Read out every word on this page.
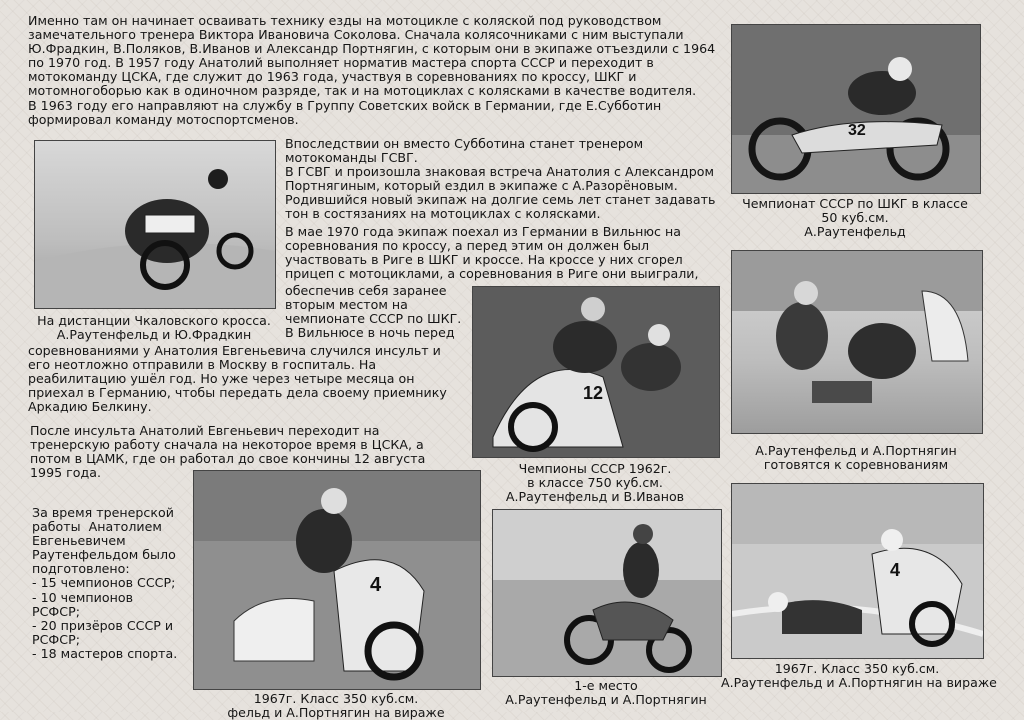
Именно там он начинает осваивать технику езды на мотоцикле с коляской под руководством
замечательного тренера Виктора Ивановича Соколова. Сначала колясочниками с ним выступали
Ю.Фрадкин, В.Поляков, В.Иванов и Александр Портнягин, с которым они в экипаже отъездили с 1964
по 1970 год. В 1957 году Анатолий выполняет норматив мастера спорта СССР и переходит в
мотокоманду ЦСКА, где служит до 1963 года, участвуя в соревнованиях по кроссу, ШКГ и
мотомногоборью как в одиночном разряде, так и на мотоциклах с колясками в качестве водителя.
В 1963 году его направляют на службу в Группу Советских войск в Германии, где Е.Субботин
формировал команду мотоспортсменов.

Впоследствии он вместо Субботина станет тренером
мотокоманды ГСВГ.
В ГСВГ и произошла знаковая встреча Анатолия с Александром
Портнягиным, который ездил в экипаже с А.Разорёновым.
Родившийся новый экипаж на долгие семь лет станет задавать
тон в состязаниях на мотоциклах с колясками.

В мае 1970 года экипаж поехал из Германии в Вильнюс на
соревнования по кроссу, а перед этим он должен был
участвовать в Риге в ШКГ и кроссе. На кроссе у них сгорел
прицеп с мотоциклами, а соревнования в Риге они выиграли,

обеспечив себя заранее
вторым местом на
чемпионате СССР по ШКГ.
В Вильнюсе в ночь перед

соревнованиями у Анатолия Евгеньевича случился инсульт и
его неотложно отправили в Москву в госпиталь. На
реабилитацию ушёл год. Но уже через четыре месяца он
приехал в Германию, чтобы передать дела своему приемнику
Аркадию Белкину.

После инсульта Анатолий Евгеньевич переходит на
тренерскую работу сначала на некоторое время в ЦСКА, а
потом в ЦАМК, где он работал до свое кончины 12 августа
1995 года.

За время тренерской
работы  Анатолием
Евгеньевичем
Раутенфельдом было
подготовлено:
- 15 чемпионов СССР;
- 10 чемпионов
РСФСР;
- 20 призёров СССР и
РСФСР;
- 18 мастеров спорта.

На дистанции Чкаловского кросса.
А.Раутенфельд и Ю.Фрадкин

32

Чемпионат СССР по ШКГ в классе
50 куб.см.
А.Раутенфельд

А.Раутенфельд и А.Портнягин
готовятся к соревнованиям

12

Чемпионы СССР 1962г.
в классе 750 куб.см.
А.Раутенфельд и В.Иванов

4

1967г. Класс 350 куб.см.
фельд и А.Портнягин на вираже

1-е место
А.Раутенфельд и А.Портнягин

4

1967г. Класс 350 куб.см.
А.Раутенфельд и А.Портнягин на вираже
